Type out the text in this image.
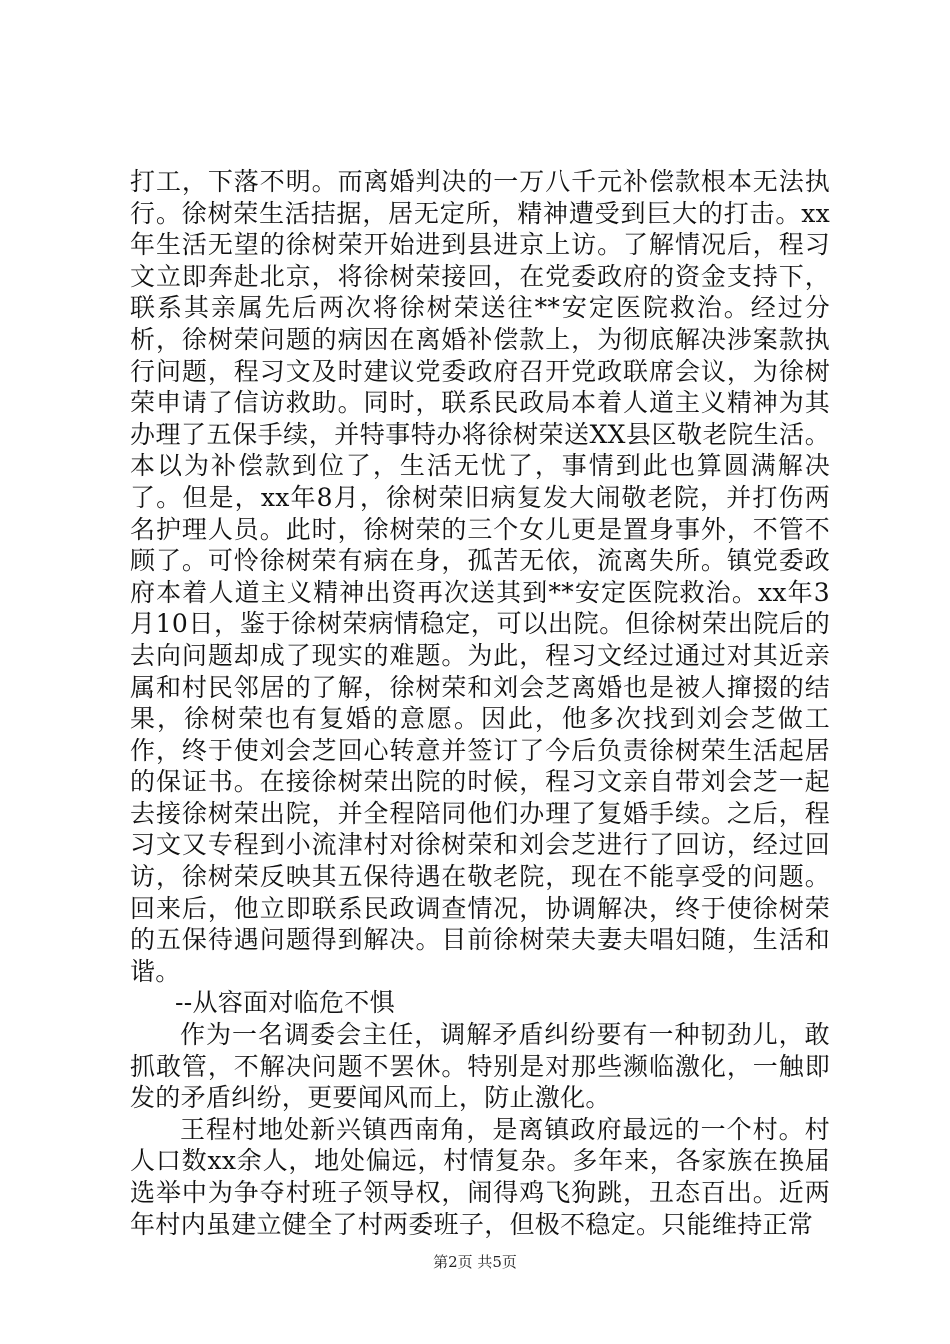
打工，下落不明。而离婚判决的一万八千元补偿款根本无法执行。徐树荣生活拮据，居无定所，精神遭受到巨大的打击。xx年生活无望的徐树荣开始进到县进京上访。了解情况后，程习文立即奔赴北京，将徐树荣接回，在党委政府的资金支持下，联系其亲属先后两次将徐树荣送往**安定医院救治。经过分析，徐树荣问题的病因在离婚补偿款上，为彻底解决涉案款执行问题，程习文及时建议党委政府召开党政联席会议，为徐树荣申请了信访救助。同时，联系民政局本着人道主义精神为其办理了五保手续，并特事特办将徐树荣送XX县区敬老院生活。本以为补偿款到位了，生活无忧了，事情到此也算圆满解决了。但是，xx年8月，徐树荣旧病复发大闹敬老院，并打伤两名护理人员。此时，徐树荣的三个女儿更是置身事外，不管不顾了。可怜徐树荣有病在身，孤苦无依，流离失所。镇党委政府本着人道主义精神出资再次送其到**安定医院救治。xx年3月10日，鉴于徐树荣病情稳定，可以出院。但徐树荣出院后的去向问题却成了现实的难题。为此，程习文经过通过对其近亲属和村民邻居的了解，徐树荣和刘会芝离婚也是被人撺掇的结果，徐树荣也有复婚的意愿。因此，他多次找到刘会芝做工作，终于使刘会芝回心转意并签订了今后负责徐树荣生活起居的保证书。在接徐树荣出院的时候，程习文亲自带刘会芝一起去接徐树荣出院，并全程陪同他们办理了复婚手续。之后，程习文又专程到小流津村对徐树荣和刘会芝进行了回访，经过回访，徐树荣反映其五保待遇在敬老院，现在不能享受的问题。回来后，他立即联系民政调查情况，协调解决，终于使徐树荣的五保待遇问题得到解决。目前徐树荣夫妻夫唱妇随，生活和谐。

--从容面对临危不惧

作为一名调委会主任，调解矛盾纠纷要有一种韧劲儿，敢抓敢管，不解决问题不罢休。特别是对那些濒临激化，一触即发的矛盾纠纷，更要闻风而上，防止激化。

王程村地处新兴镇西南角，是离镇政府最远的一个村。村人口数xx余人，地处偏远，村情复杂。多年来，各家族在换届选举中为争夺村班子领导权，闹得鸡飞狗跳，丑态百出。近两年村内虽建立健全了村两委班子，但极不稳定。只能维持正常

第2页 共5页
